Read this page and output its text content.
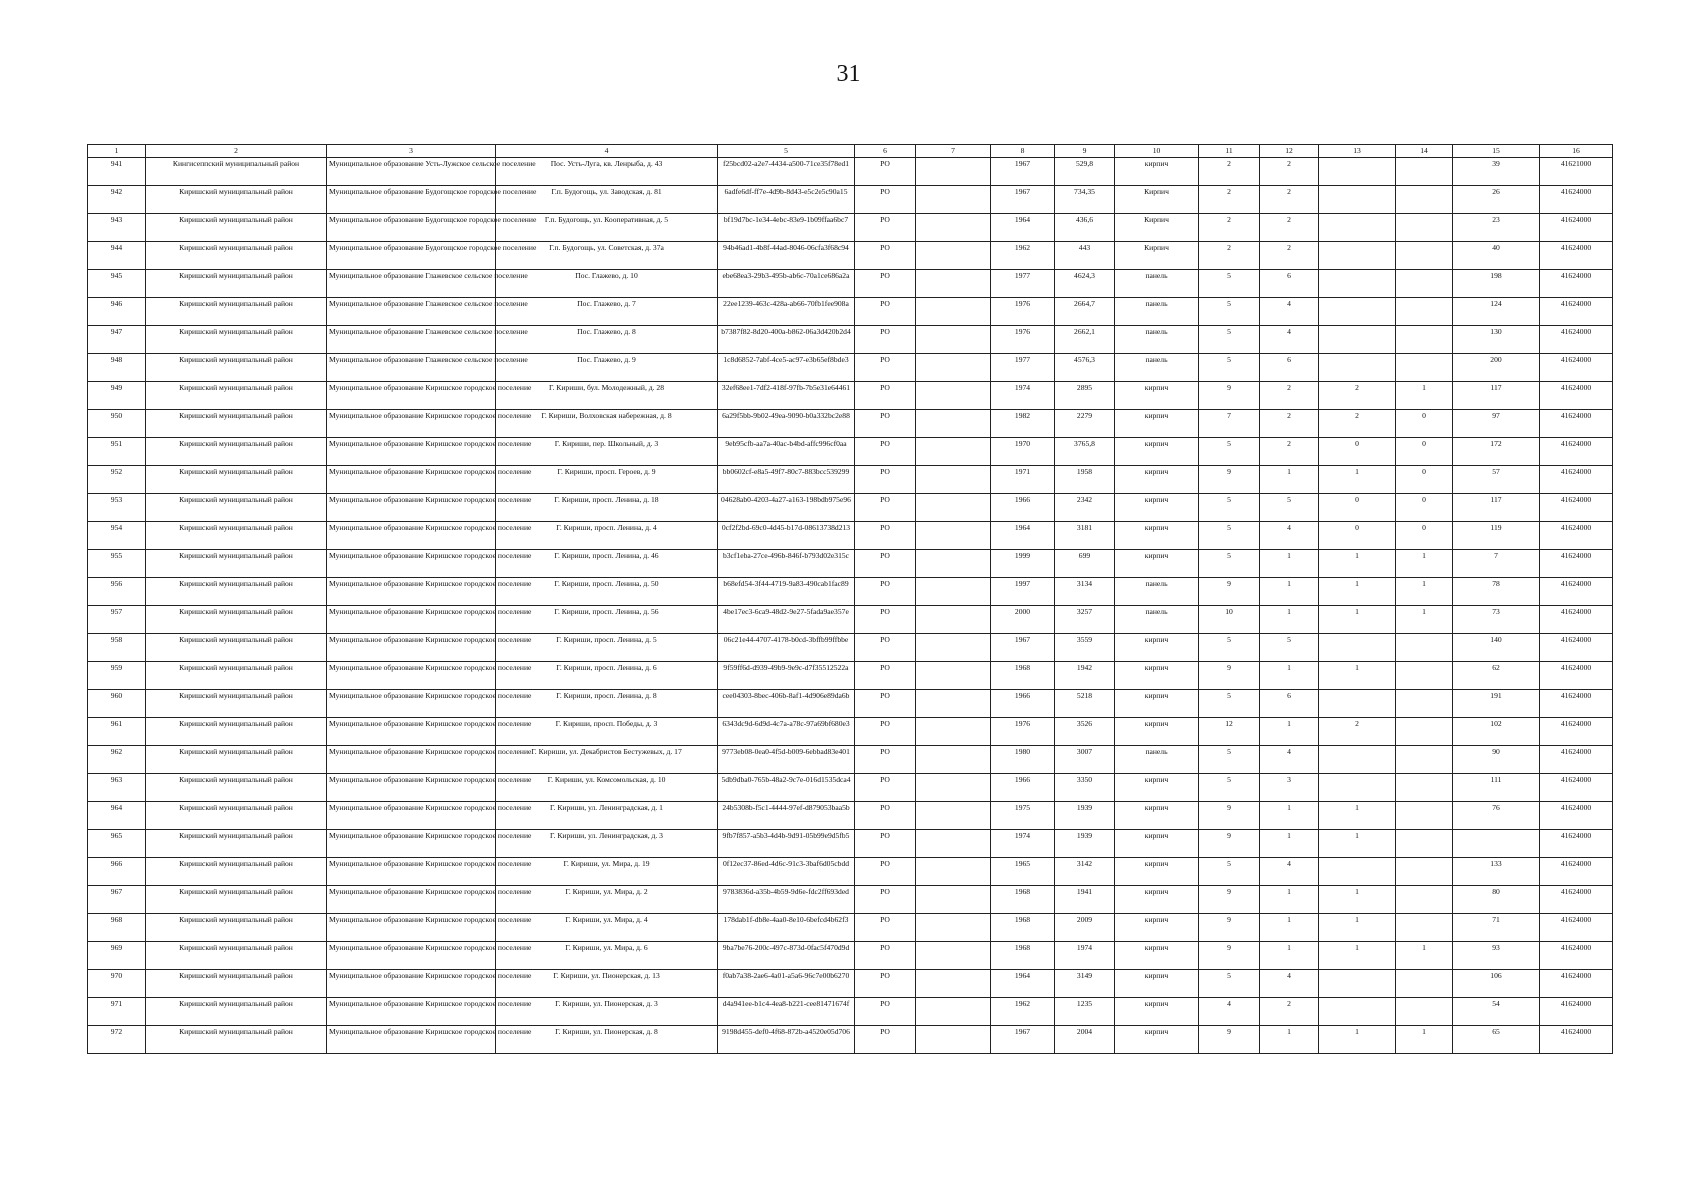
31
1	2	3	4	5	6	7	8	9	10	11	12	13	14	15	16
941	Кингисеппский муниципальный район	Муниципальное образование Усть-Лужское сельское поселение	Пос. Усть-Луга, кв. Ленрыба, д. 43	f25bcd02-a2e7-4434-a500-71ce35f78ed1	РО		1967	529,8	кирпич	2	2			39	41621000
942	Киришский муниципальный район	Муниципальное образование Будогощское городское поселение	Г.п. Будогощь, ул. Заводская, д. 81	6adfe6df-ff7e-4d9b-8d43-e5c2e5c90a15	РО		1967	734,35	Кирпич	2	2			26	41624000
943	Киришский муниципальный район	Муниципальное образование Будогощское городское поселение	Г.п. Будогощь, ул. Кооперативная, д. 5	bf19d7bc-1e34-4ebc-83e9-1b09ffaa6bc7	РО		1964	436,6	Кирпич	2	2			23	41624000
944	Киришский муниципальный район	Муниципальное образование Будогощское городское поселение	Г.п. Будогощь, ул. Советская, д. 37а	94b46ad1-4b8f-44ad-8046-06cfa3f68c94	РО		1962	443	Кирпич	2	2			40	41624000
945	Киришский муниципальный район	Муниципальное образование Глажевское сельское поселение	Пос. Глажево, д. 10	ebe68ea3-29b3-495b-ab6c-70a1ce686a2a	РО		1977	4624,3	панель	5	6			198	41624000
946	Киришский муниципальный район	Муниципальное образование Глажевское сельское поселение	Пос. Глажево, д. 7	22ee1239-463c-428a-ab66-70fb1fee908a	РО		1976	2664,7	панель	5	4			124	41624000
947	Киришский муниципальный район	Муниципальное образование Глажевское сельское поселение	Пос. Глажево, д. 8	b7387f82-8d20-400a-b862-06a3d420b2d4	РО		1976	2662,1	панель	5	4			130	41624000
948	Киришский муниципальный район	Муниципальное образование Глажевское сельское поселение	Пос. Глажево, д. 9	1c8d6852-7abf-4ce5-ac97-e3b65ef8bde3	РО		1977	4576,3	панель	5	6			200	41624000
949	Киришский муниципальный район	Муниципальное образование Киришское городское поселение	Г. Кириши, бул. Молодежный, д. 28	32ef68ee1-7df2-418f-97fb-7b5e31e64461	РО		1974	2895	кирпич	9	2	2	1	117	41624000
950	Киришский муниципальный район	Муниципальное образование Киришское городское поселение	Г. Кириши, Волховская набережная, д. 8	6a29f5bb-9b02-49ea-9090-b0a332bc2e88	РО		1982	2279	кирпич	7	2	2	0	97	41624000
951	Киришский муниципальный район	Муниципальное образование Киришское городское поселение	Г. Кириши, пер. Школьный, д. 3	9eb95cfb-aa7a-40ac-b4bd-affc996cf0aa	РО		1970	3765,8	кирпич	5	2	0	0	172	41624000
952	Киришский муниципальный район	Муниципальное образование Киришское городское поселение	Г. Кириши, просп. Героев, д. 9	bb0602cf-e8a5-49f7-80c7-883bcc539299	РО		1971	1958	кирпич	9	1	1	0	57	41624000
953	Киришский муниципальный район	Муниципальное образование Киришское городское поселение	Г. Кириши, просп. Ленина, д. 18	04628ab0-4203-4a27-a163-198bdb975e96	РО		1966	2342	кирпич	5	5	0	0	117	41624000
954	Киришский муниципальный район	Муниципальное образование Киришское городское поселение	Г. Кириши, просп. Ленина, д. 4	0cf2f2bd-69c0-4d45-b17d-08613738d213	РО		1964	3181	кирпич	5	4	0	0	119	41624000
955	Киришский муниципальный район	Муниципальное образование Киришское городское поселение	Г. Кириши, просп. Ленина, д. 46	b3cf1eba-27ce-496b-846f-b793d02e315c	РО		1999	699	кирпич	5	1	1	1	7	41624000
956	Киришский муниципальный район	Муниципальное образование Киришское городское поселение	Г. Кириши, просп. Ленина, д. 50	b68efd54-3f44-4719-9a83-490cab1fac89	РО		1997	3134	панель	9	1	1	1	78	41624000
957	Киришский муниципальный район	Муниципальное образование Киришское городское поселение	Г. Кириши, просп. Ленина, д. 56	4be17ec3-6ca9-48d2-9e27-5fada9ae357e	РО		2000	3257	панель	10	1	1	1	73	41624000
958	Киришский муниципальный район	Муниципальное образование Киришское городское поселение	Г. Кириши, просп. Ленина, д. 5	06c21e44-4707-4178-b0cd-3bffb99ffbbe	РО		1967	3559	кирпич	5	5			140	41624000
959	Киришский муниципальный район	Муниципальное образование Киришское городское поселение	Г. Кириши, просп. Ленина, д. 6	9f59ff6d-d939-49b9-9e9c-d7f35512522a	РО		1968	1942	кирпич	9	1	1		62	41624000
960	Киришский муниципальный район	Муниципальное образование Киришское городское поселение	Г. Кириши, просп. Ленина, д. 8	cee04303-8bec-406b-8af1-4d906e89da6b	РО		1966	5218	кирпич	5	6			191	41624000
961	Киришский муниципальный район	Муниципальное образование Киришское городское поселение	Г. Кириши, просп. Победы, д. 3	6343dc9d-6d9d-4c7a-a78c-97a69bf680e3	РО		1976	3526	кирпич	12	1	2		102	41624000
962	Киришский муниципальный район	Муниципальное образование Киришское городское поселение	Г. Кириши, ул. Декабристов Бестужевых, д. 17	9773eb08-0ea0-4f5d-b009-6ebbad83e401	РО		1980	3007	панель	5	4			90	41624000
963	Киришский муниципальный район	Муниципальное образование Киришское городское поселение	Г. Кириши, ул. Комсомольская, д. 10	5db9dba0-765b-48a2-9c7e-016d1535dca4	РО		1966	3350	кирпич	5	3			111	41624000
964	Киришский муниципальный район	Муниципальное образование Киришское городское поселение	Г. Кириши, ул. Ленинградская, д. 1	24b5308b-f5c1-4444-97ef-d879053baa5b	РО		1975	1939	кирпич	9	1	1		76	41624000
965	Киришский муниципальный район	Муниципальное образование Киришское городское поселение	Г. Кириши, ул. Ленинградская, д. 3	9fb7f857-a5b3-4d4b-9d91-05b99e9d5fb5	РО		1974	1939	кирпич	9	1	1			41624000
966	Киришский муниципальный район	Муниципальное образование Киришское городское поселение	Г. Кириши, ул. Мира, д. 19	0f12ec37-86ed-4d6c-91c3-3baf6d05cbdd	РО		1965	3142	кирпич	5	4			133	41624000
967	Киришский муниципальный район	Муниципальное образование Киришское городское поселение	Г. Кириши, ул. Мира, д. 2	9783836d-a35b-4b59-9d6e-fdc2ff693ded	РО		1968	1941	кирпич	9	1	1		80	41624000
968	Киришский муниципальный район	Муниципальное образование Киришское городское поселение	Г. Кириши, ул. Мира, д. 4	178dab1f-db8e-4aa0-8e10-6befcd4b62f3	РО		1968	2009	кирпич	9	1	1		71	41624000
969	Киришский муниципальный район	Муниципальное образование Киришское городское поселение	Г. Кириши, ул. Мира, д. 6	9ba7be76-200c-497c-873d-0fac5f470d9d	РО		1968	1974	кирпич	9	1	1	1	93	41624000
970	Киришский муниципальный район	Муниципальное образование Киришское городское поселение	Г. Кириши, ул. Пионерская, д. 13	f0ab7a38-2ae6-4a01-a5a6-96c7e00b6270	РО		1964	3149	кирпич	5	4			106	41624000
971	Киришский муниципальный район	Муниципальное образование Киришское городское поселение	Г. Кириши, ул. Пионерская, д. 3	d4a941ee-b1c4-4ea8-b221-cee81471674f	РО		1962	1235	кирпич	4	2			54	41624000
972	Киришский муниципальный район	Муниципальное образование Киришское городское поселение	Г. Кириши, ул. Пионерская, д. 8	9198d455-def0-4f68-872b-a4520e05d706	РО		1967	2004	кирпич	9	1	1	1	65	41624000
